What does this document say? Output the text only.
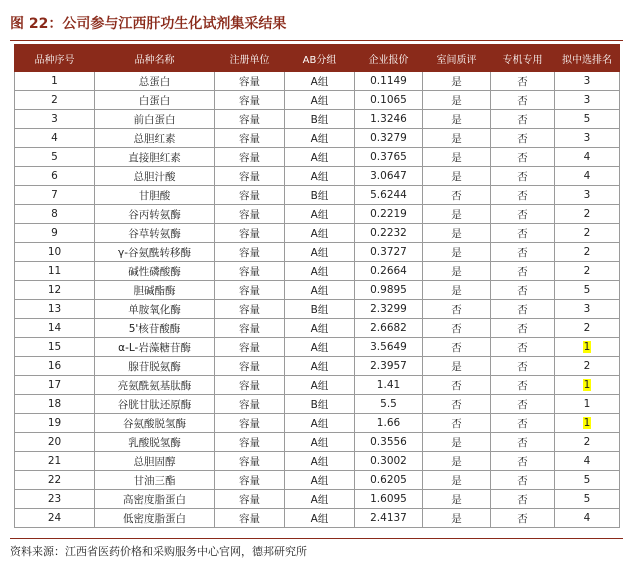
图 22：公司参与江西肝功生化试剂集采结果
品种序号	品种名称	注册单位	AB分组	企业报价	室间质评	专机专用	拟中选排名
1	总蛋白	容量	A组	0.1149	是	否	3
2	白蛋白	容量	A组	0.1065	是	否	3
3	前白蛋白	容量	B组	1.3246	是	否	5
4	总胆红素	容量	A组	0.3279	是	否	3
5	直接胆红素	容量	A组	0.3765	是	否	4
6	总胆汁酸	容量	A组	3.0647	是	否	4
7	甘胆酸	容量	B组	5.6244	否	否	3
8	谷丙转氨酶	容量	A组	0.2219	是	否	2
9	谷草转氨酶	容量	A组	0.2232	是	否	2
10	γ-谷氨酰转移酶	容量	A组	0.3727	是	否	2
11	碱性磷酸酶	容量	A组	0.2664	是	否	2
12	胆碱酯酶	容量	A组	0.9895	是	否	5
13	单胺氧化酶	容量	B组	2.3299	否	否	3
14	5'核苷酸酶	容量	A组	2.6682	否	否	2
15	α-L-岩藻糖苷酶	容量	A组	3.5649	否	否	1
16	腺苷脱氨酶	容量	A组	2.3957	是	否	2
17	亮氨酰氨基肽酶	容量	A组	1.41	否	否	1
18	谷胱甘肽还原酶	容量	B组	5.5	否	否	1
19	谷氨酸脱氢酶	容量	A组	1.66	否	否	1
20	乳酸脱氢酶	容量	A组	0.3556	是	否	2
21	总胆固醇	容量	A组	0.3002	是	否	4
22	甘油三酯	容量	A组	0.6205	是	否	5
23	高密度脂蛋白	容量	A组	1.6095	是	否	5
24	低密度脂蛋白	容量	A组	2.4137	是	否	4
资料来源：江西省医药价格和采购服务中心官网，德邦研究所
